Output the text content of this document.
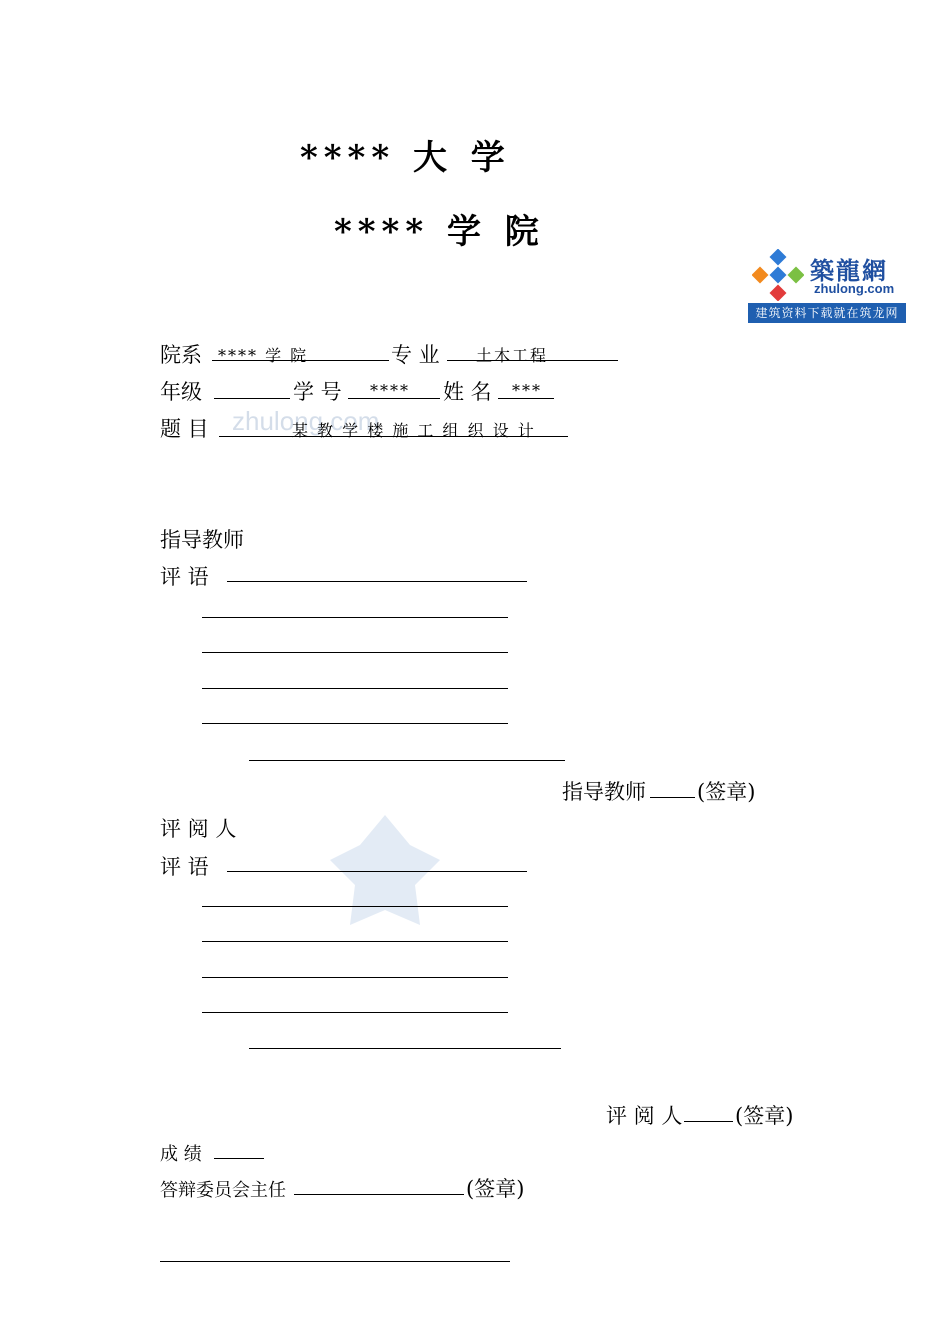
**** 大 学
**** 学 院
築龍網
zhulong.com
建筑资料下载就在筑龙网
zhulong.com
院系 **** 学 院	专 业 土木工程
年级	学 号 **** 姓 名 ***
题 目	某 教 学 楼 施 工 组 织 设 计
指导教师
评 语
指导教师 (签章)
评 阅 人
评 语
评 阅 人	(签章)
成 绩
答辩委员会主任	(签章)
